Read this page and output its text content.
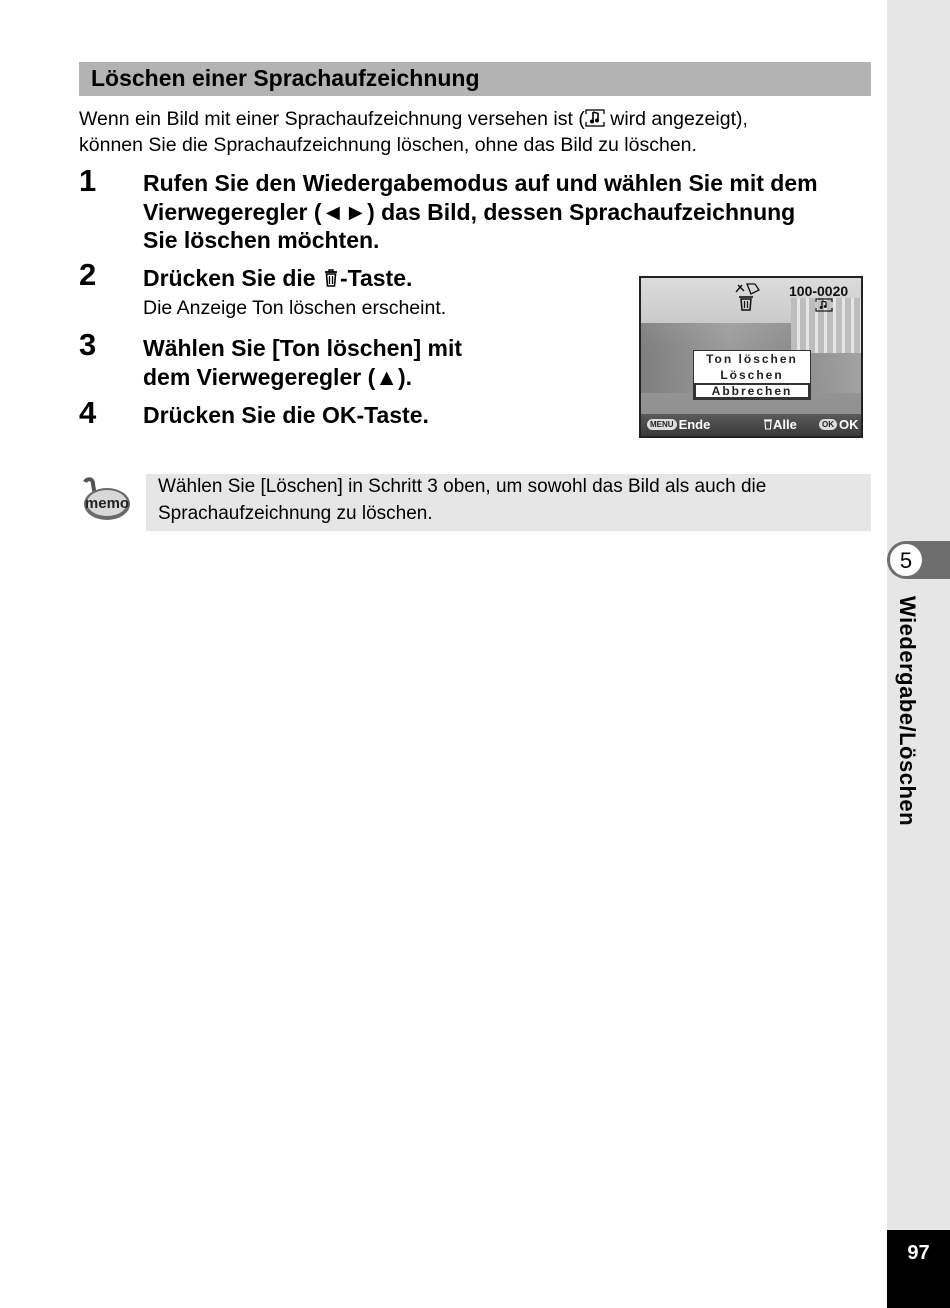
5
Wiedergabe/Löschen
97
Löschen einer Sprachaufzeichnung
Wenn ein Bild mit einer Sprachaufzeichnung versehen ist ( wird angezeigt),
können Sie die Sprachaufzeichnung löschen, ohne das Bild zu löschen.
1 Rufen Sie den Wiedergabemodus auf und wählen Sie mit dem
Vierwegeregler (◄►) das Bild, dessen Sprachaufzeichnung
Sie löschen möchten.
2 Drücken Sie die -Taste.
Die Anzeige Ton löschen erscheint.
3 Wählen Sie [Ton löschen] mit
dem Vierwegeregler (▲).
4 Drücken Sie die OK-Taste.
100-0020
Ton löschen
Löschen
Abbrechen
MENU Ende	Alle	OK OK
memo
Wählen Sie [Löschen] in Schritt 3 oben, um sowohl das Bild als auch die
Sprachaufzeichnung zu löschen.
